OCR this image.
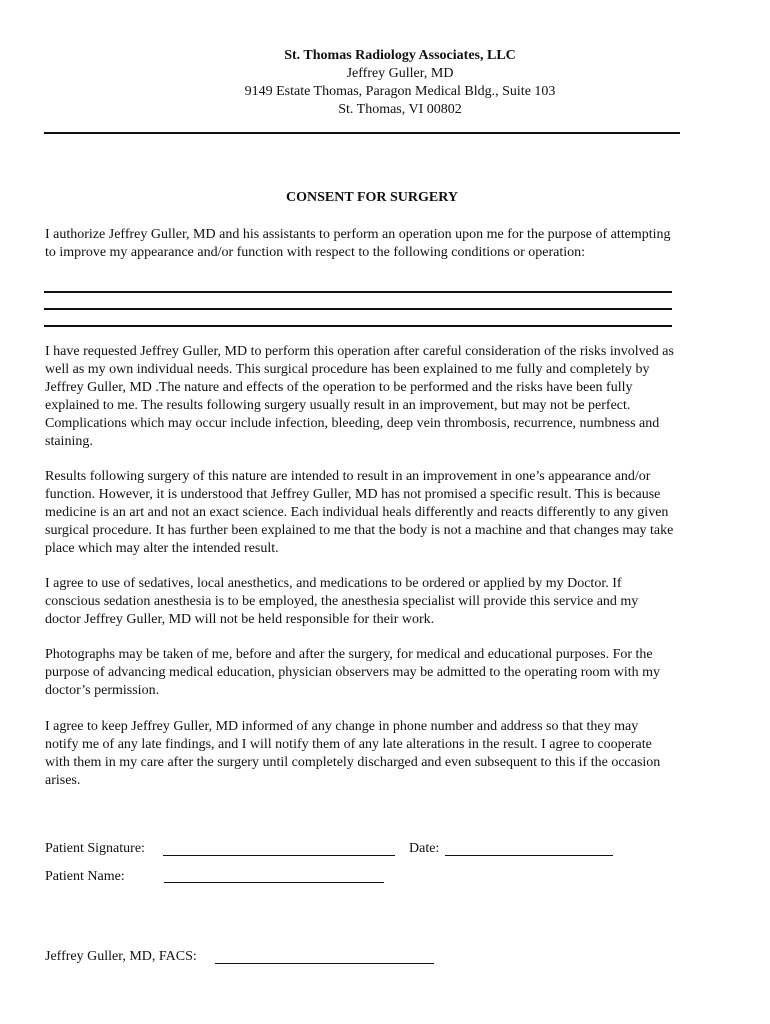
St. Thomas Radiology Associates, LLC
Jeffrey Guller, MD
9149 Estate Thomas, Paragon Medical Bldg., Suite 103
St. Thomas, VI 00802
CONSENT FOR SURGERY
I authorize Jeffrey Guller, MD and his assistants to perform an operation upon me for the purpose of attempting to improve my appearance and/or function with respect to the following conditions or operation:
I have requested Jeffrey Guller, MD to perform this operation after careful consideration of the risks involved as well as my own individual needs. This surgical procedure has been explained to me fully and completely by Jeffrey Guller, MD .The nature and effects of the operation to be performed and the risks have been fully explained to me. The results following surgery usually result in an improvement, but may not be perfect. Complications which may occur include infection, bleeding, deep vein thrombosis, recurrence, numbness and staining.
Results following surgery of this nature are intended to result in an improvement in one’s appearance and/or function. However, it is understood that Jeffrey Guller, MD has not promised a specific result. This is because medicine is an art and not an exact science. Each individual heals differently and reacts differently to any given surgical procedure. It has further been explained to me that the body is not a machine and that changes may take place which may alter the intended result.
I agree to use of sedatives, local anesthetics, and medications to be ordered or applied by my Doctor. If conscious sedation anesthesia is to be employed, the anesthesia specialist will provide this service and my doctor Jeffrey Guller, MD will not be held responsible for their work.
Photographs may be taken of me, before and after the surgery, for medical and educational purposes. For the purpose of advancing medical education, physician observers may be admitted to the operating room with my doctor’s permission.
I agree to keep Jeffrey Guller, MD informed of any change in phone number and address so that they may notify me of any late findings, and I will notify them of any late alterations in the result. I agree to cooperate with them in my care after the surgery until completely discharged and even subsequent to this if the occasion arises.
Patient Signature:	Date:
Patient Name:
Jeffrey Guller, MD, FACS:
